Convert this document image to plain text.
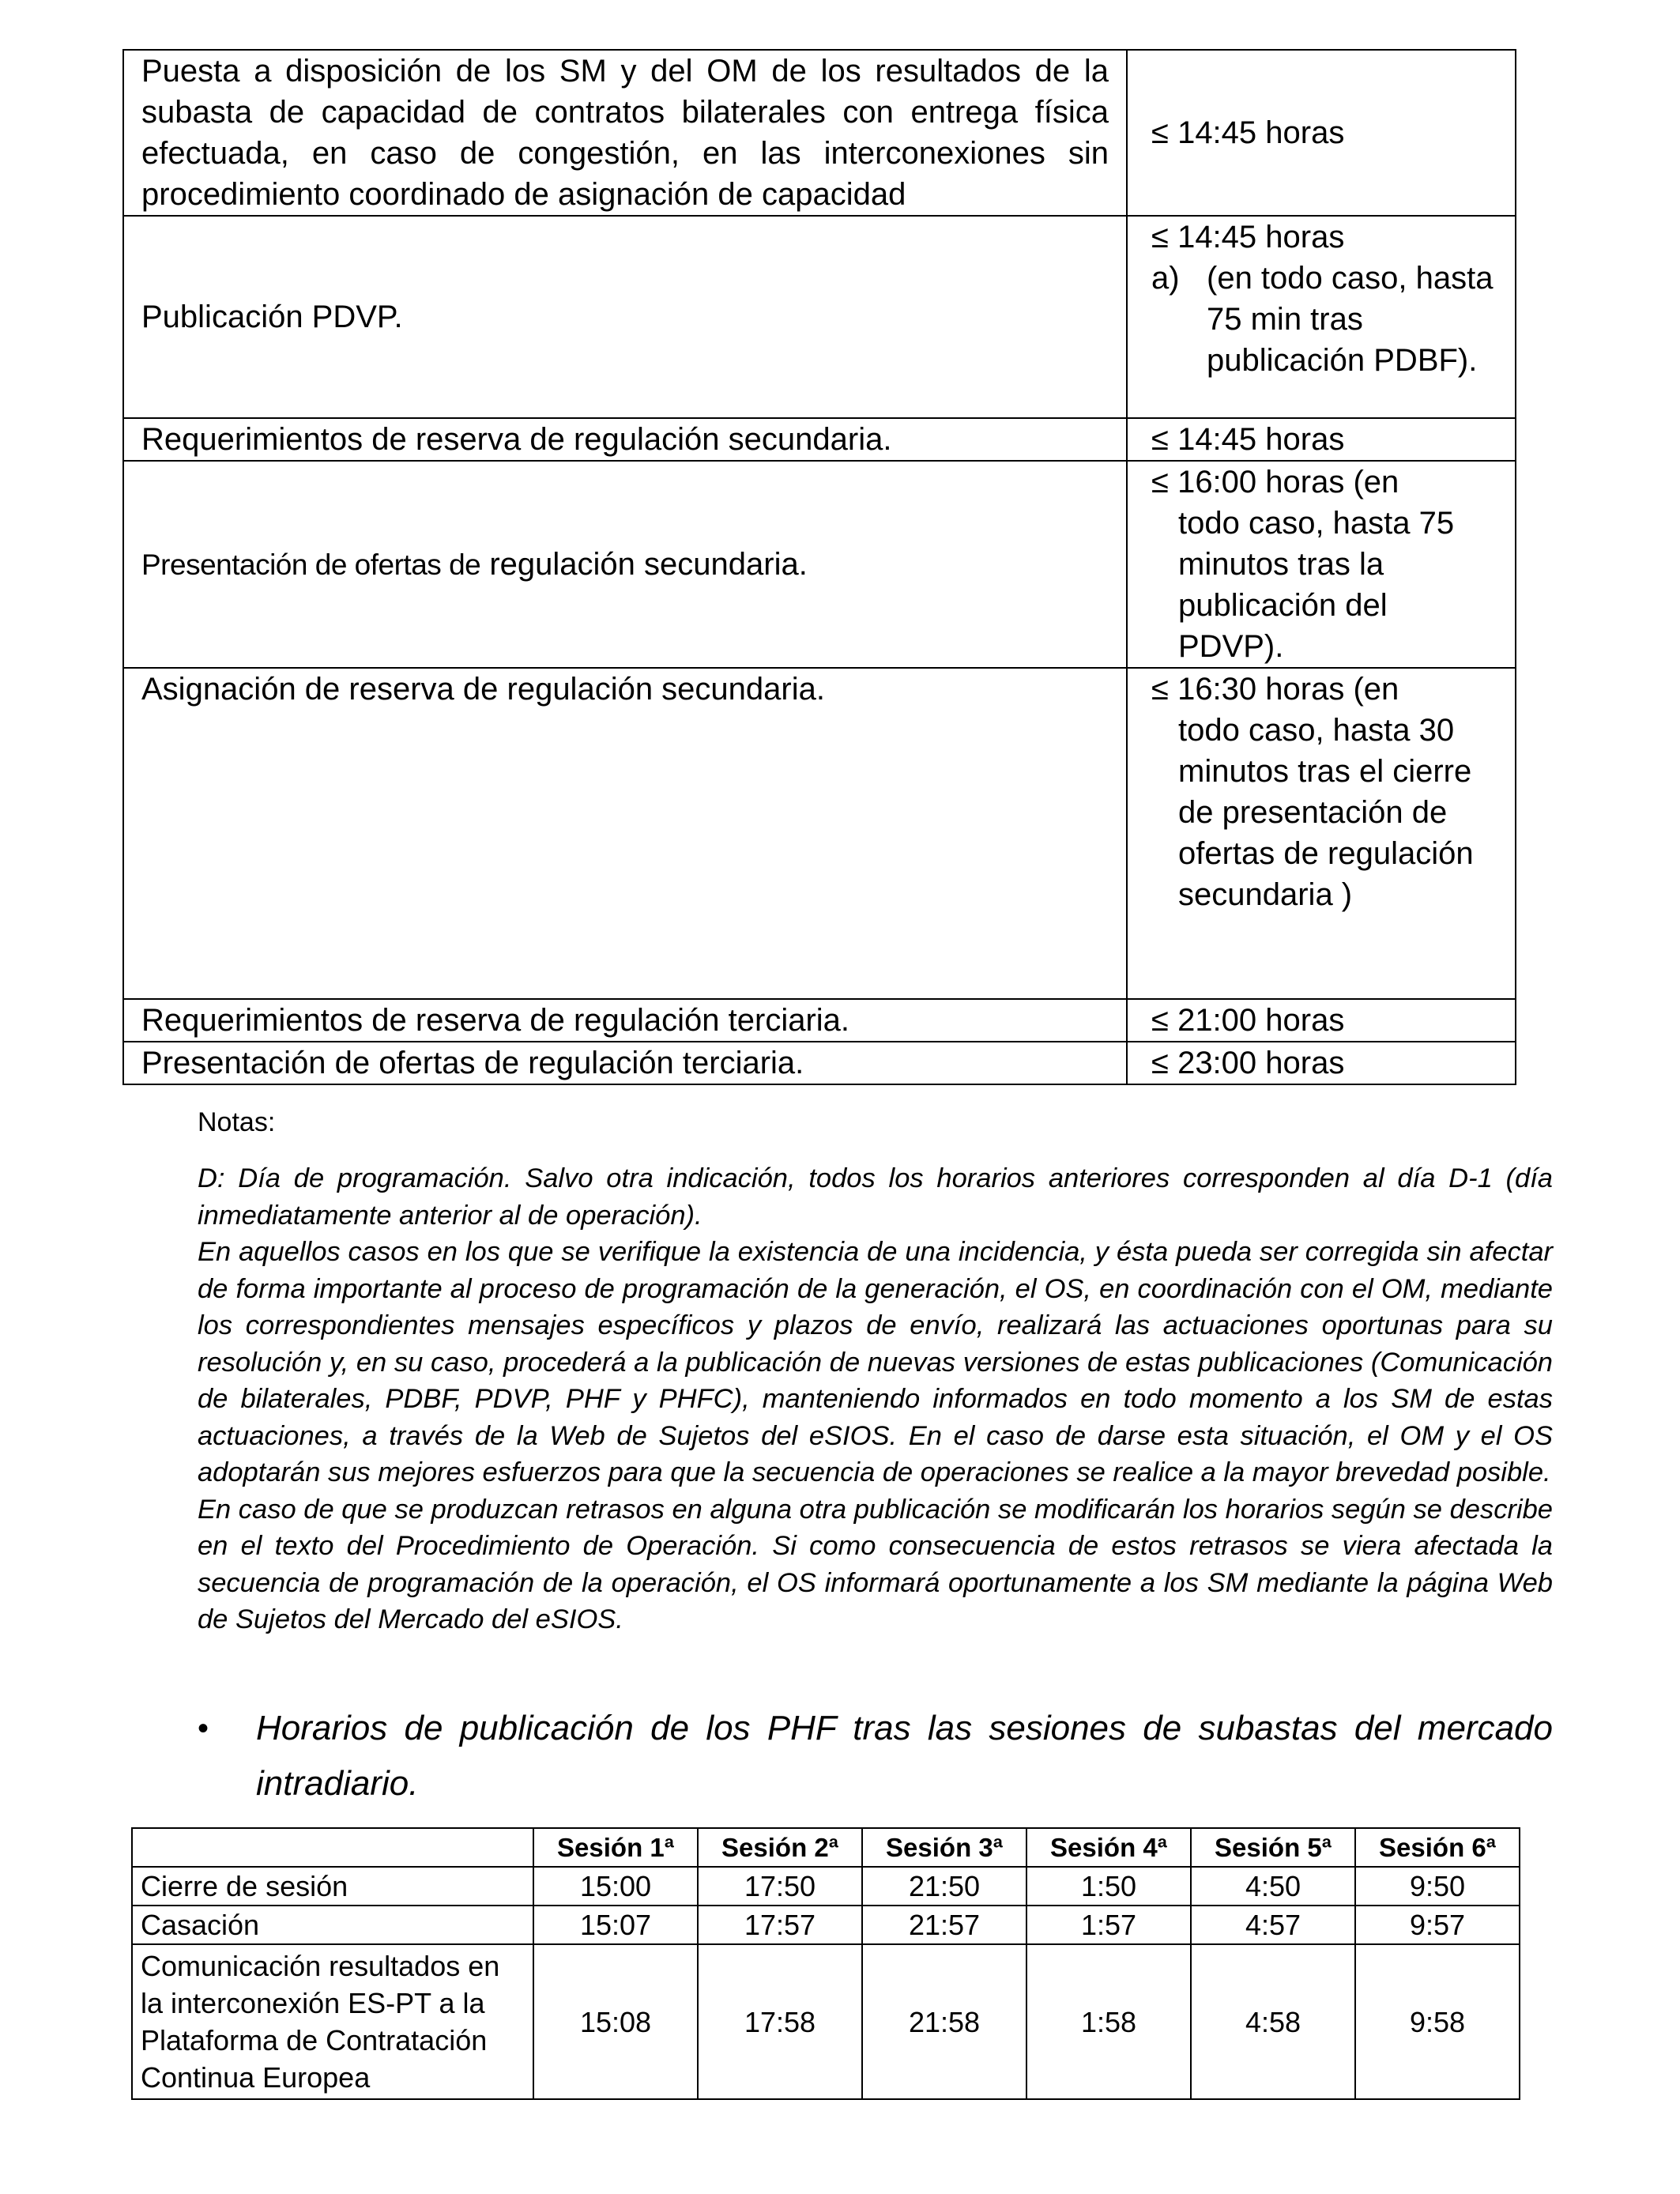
Puesta a disposición de los SM y del OM de los resultados de la subasta de capacidad de contratos bilaterales con entrega física efectuada, en caso de congestión, en las interconexiones sin procedimiento coordinado de asignación de capacidad	≤ 14:45 horas
Publicación PDVP.	≤ 14:45 horas
a) (en todo caso, hasta 75 min tras publicación PDBF).

Requerimientos de reserva de regulación secundaria.	≤ 14:45 horas
Presentación de ofertas de regulación secundaria.	≤ 16:00 horas (en
todo caso, hasta 75 minutos tras la publicación del PDVP).

Asignación de reserva de regulación secundaria.	≤ 16:30 horas (en
todo caso, hasta 30 minutos tras el cierre de presentación de ofertas de regulación secundaria )

Requerimientos de reserva de regulación terciaria.	≤ 21:00 horas
Presentación de ofertas de regulación terciaria.	≤ 23:00 horas
Notas:

D: Día de programación. Salvo otra indicación, todos los horarios anteriores corresponden al día D-1 (día inmediatamente anterior al de operación).

En aquellos casos en los que se verifique la existencia de una incidencia, y ésta pueda ser corregida sin afectar de forma importante al proceso de programación de la generación, el OS, en coordinación con el OM, mediante los correspondientes mensajes específicos y plazos de envío, realizará las actuaciones oportunas para su resolución y, en su caso, procederá a la publicación de nuevas versiones de estas publicaciones (Comunicación de bilaterales, PDBF, PDVP, PHF y PHFC), manteniendo informados en todo momento a los SM de estas actuaciones, a través de la Web de Sujetos del eSIOS. En el caso de darse esta situación, el OM y el OS adoptarán sus mejores esfuerzos para que la secuencia de operaciones se realice a la mayor brevedad posible.

En caso de que se produzcan retrasos en alguna otra publicación se modificarán los horarios según se describe en el texto del Procedimiento de Operación. Si como consecuencia de estos retrasos se viera afectada la secuencia de programación de la operación, el OS informará oportunamente a los SM mediante la página Web de Sujetos del Mercado del eSIOS.

•	Horarios de publicación de los PHF tras las sesiones de subastas del mercado intradiario.
	Sesión 1ª	Sesión 2ª	Sesión 3ª	Sesión 4ª	Sesión 5ª	Sesión 6ª
Cierre de sesión	15:00	17:50	21:50	1:50	4:50	9:50
Casación	15:07	17:57	21:57	1:57	4:57	9:57
Comunicación resultados en la interconexión ES-PT a la Plataforma de Contratación Continua Europea	15:08	17:58	21:58	1:58	4:58	9:58
